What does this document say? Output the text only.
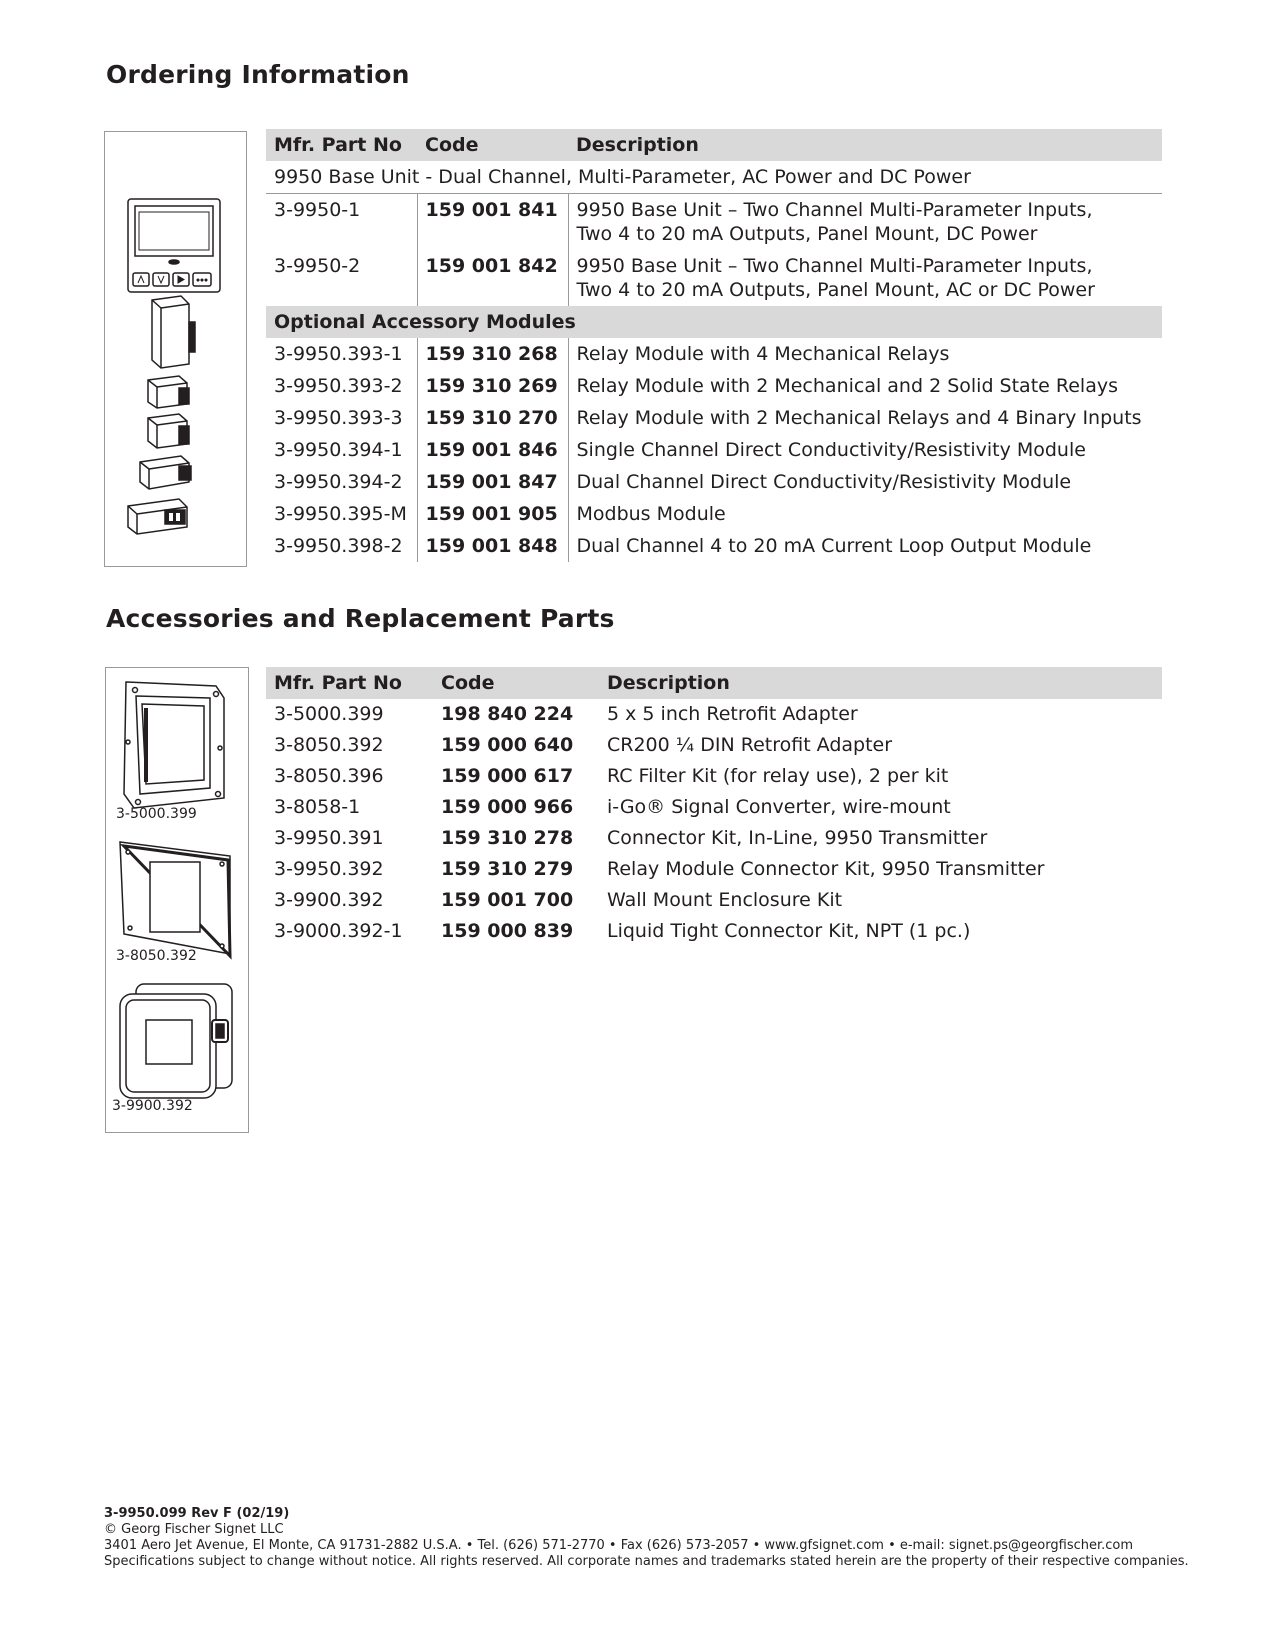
Ordering Information
Mfr. Part No	Code	Description
9950 Base Unit - Dual Channel, Multi-Parameter, AC Power and DC Power		
3-9950-1	159 001 841	9950 Base Unit – Two Channel Multi-Parameter Inputs,
Two 4 to 20 mA Outputs, Panel Mount, DC Power
3-9950-2	159 001 842	9950 Base Unit – Two Channel Multi-Parameter Inputs,
Two 4 to 20 mA Outputs, Panel Mount, AC or DC Power
Optional Accessory Modules		
3-9950.393-1	159 310 268	Relay Module with 4 Mechanical Relays
3-9950.393-2	159 310 269	Relay Module with 2 Mechanical and 2 Solid State Relays
3-9950.393-3	159 310 270	Relay Module with 2 Mechanical Relays and 4 Binary Inputs
3-9950.394-1	159 001 846	Single Channel Direct Conductivity/Resistivity Module
3-9950.394-2	159 001 847	Dual Channel Direct Conductivity/Resistivity Module
3-9950.395-M	159 001 905	Modbus Module
3-9950.398-2	159 001 848	Dual Channel 4 to 20 mA Current Loop Output Module
Accessories and Replacement Parts
3-5000.399
3-8050.392
3-9900.392
Mfr. Part No	Code	Description
3-5000.399	198 840 224	5 x 5 inch Retrofit Adapter
3-8050.392	159 000 640	CR200 ¼ DIN Retrofit Adapter
3-8050.396	159 000 617	RC Filter Kit (for relay use), 2 per kit
3-8058-1	159 000 966	i-Go® Signal Converter, wire-mount
3-9950.391	159 310 278	Connector Kit, In-Line, 9950 Transmitter
3-9950.392	159 310 279	Relay Module Connector Kit, 9950 Transmitter
3-9900.392	159 001 700	Wall Mount Enclosure Kit
3-9000.392-1	159 000 839	Liquid Tight Connector Kit, NPT (1 pc.)
3-9950.099 Rev F (02/19)
© Georg Fischer Signet LLC
3401 Aero Jet Avenue, El Monte, CA 91731-2882 U.S.A. • Tel. (626) 571-2770 • Fax (626) 573-2057 • www.gfsignet.com • e-mail: signet.ps@georgfischer.com
Specifications subject to change without notice. All rights reserved. All corporate names and trademarks stated herein are the property of their respective companies.
